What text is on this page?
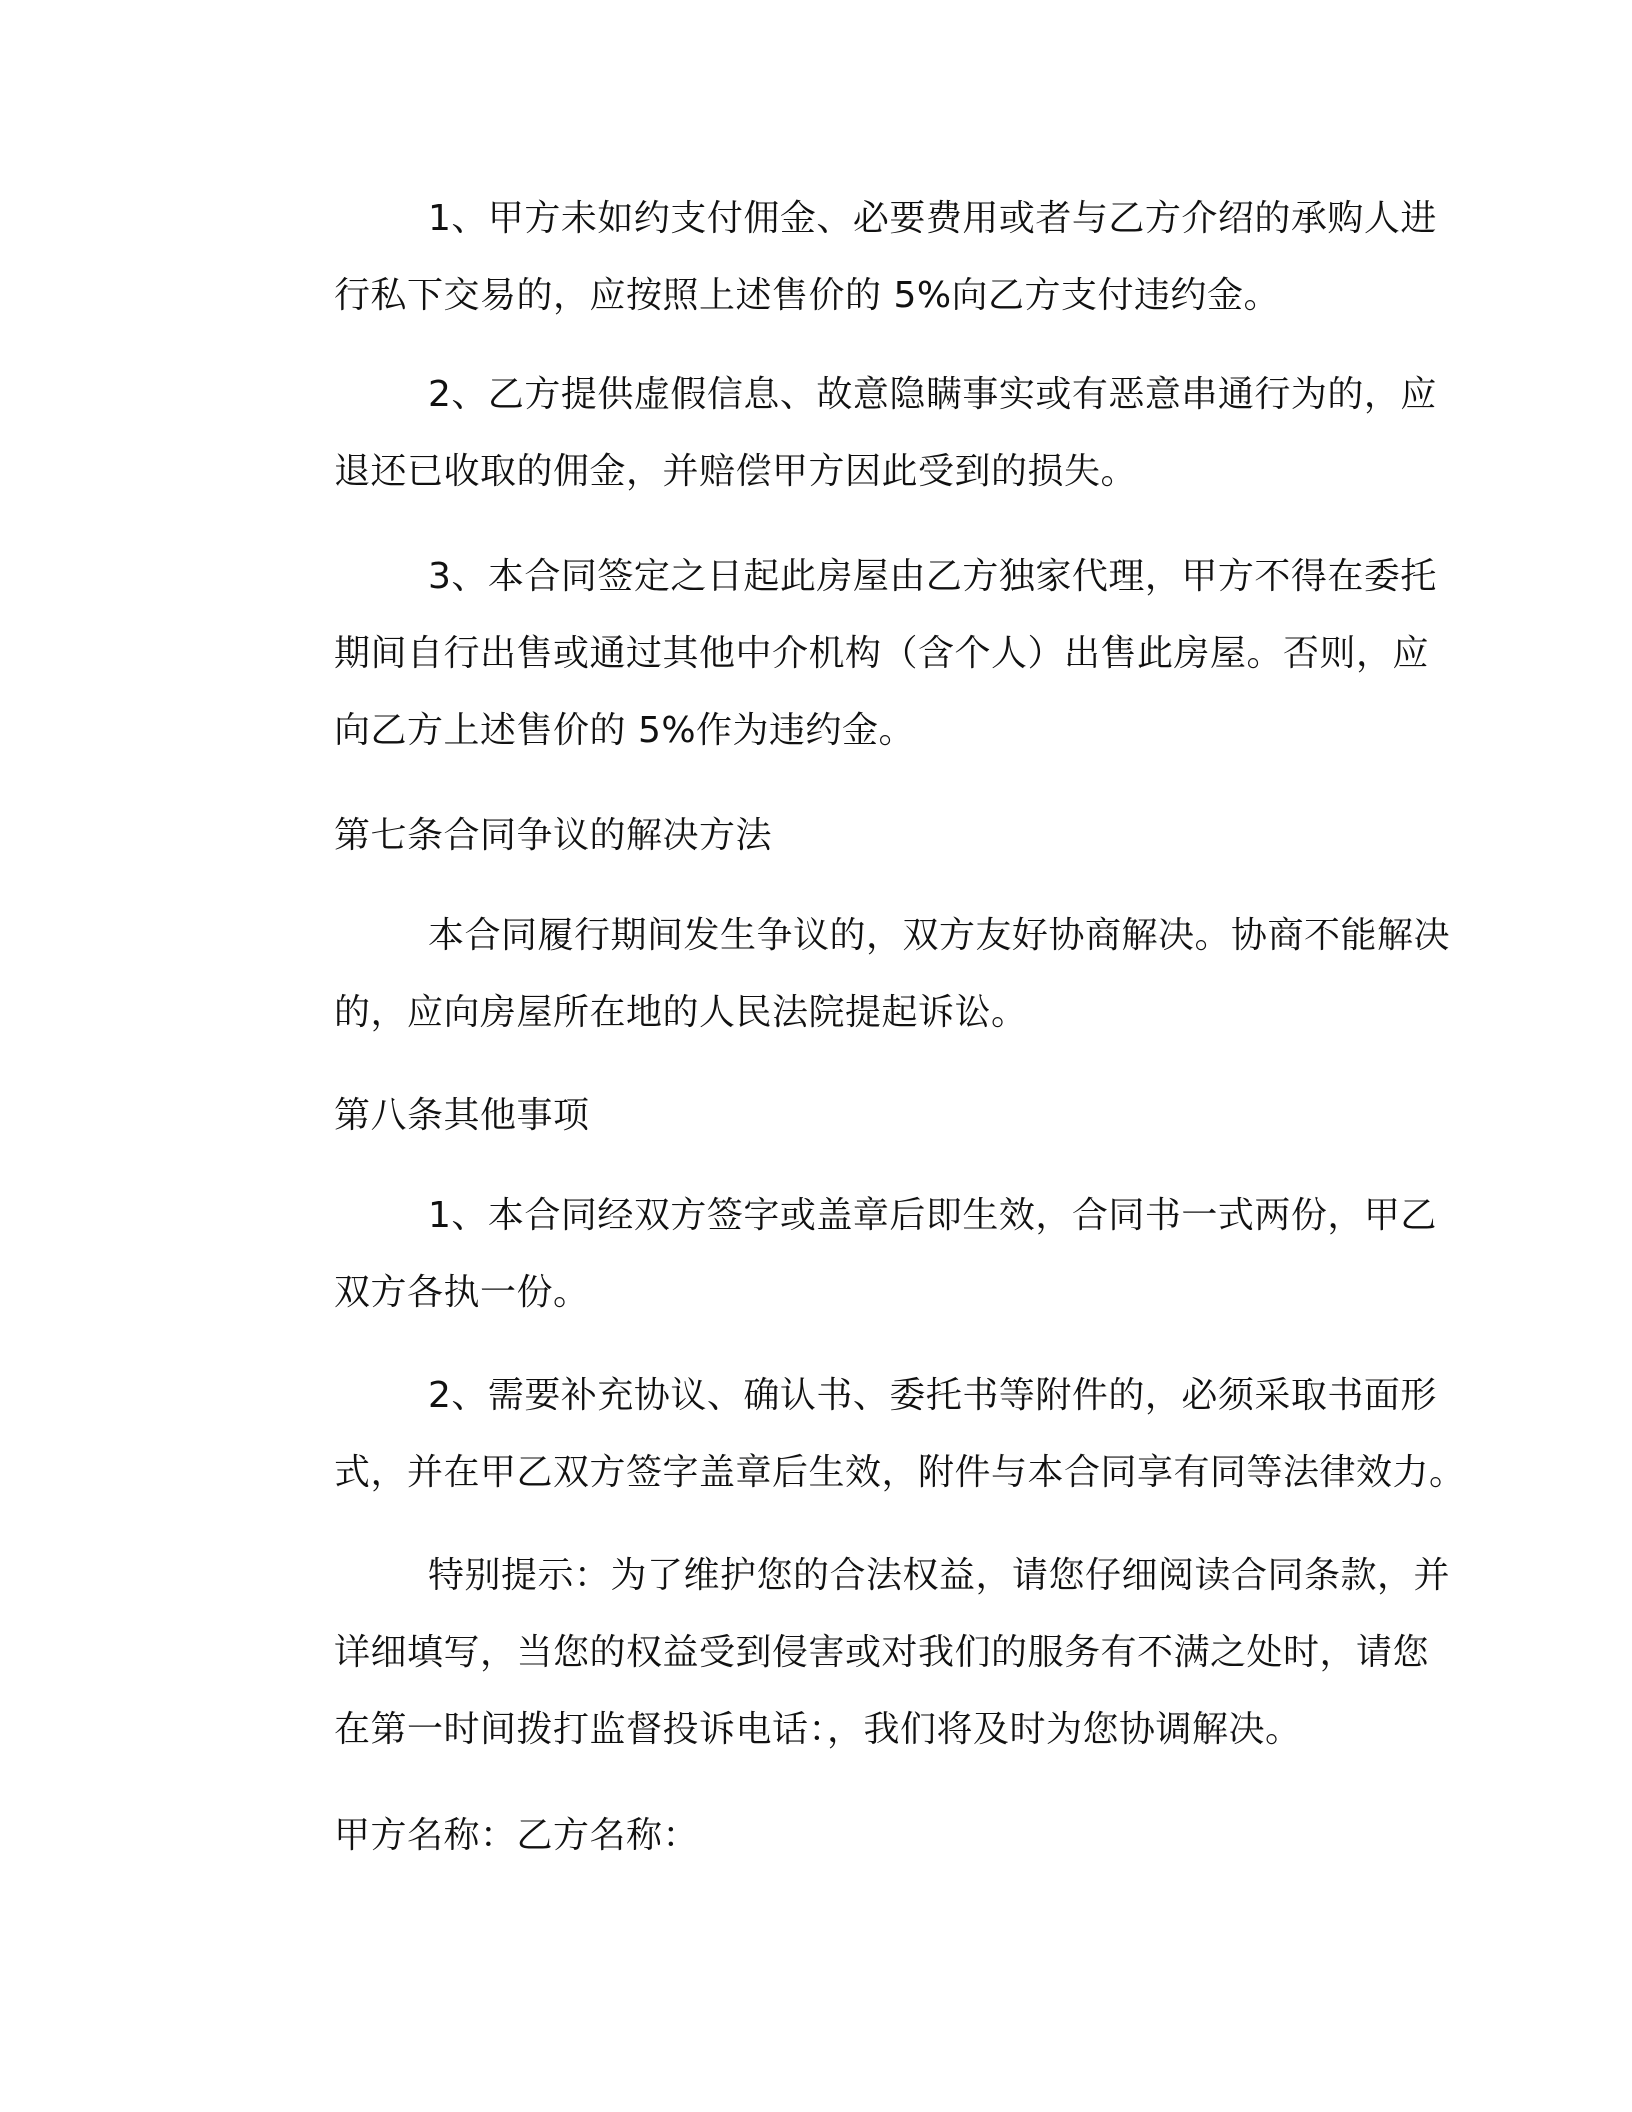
1、甲方未如约支付佣金、必要费用或者与乙方介绍的承购人进
行私下交易的，应按照上述售价的 5%向乙方支付违约金。
2、乙方提供虚假信息、故意隐瞒事实或有恶意串通行为的，应
退还已收取的佣金，并赔偿甲方因此受到的损失。
3、本合同签定之日起此房屋由乙方独家代理，甲方不得在委托
期间自行出售或通过其他中介机构（含个人）出售此房屋。否则，应
向乙方上述售价的 5%作为违约金。
第七条合同争议的解决方法
本合同履行期间发生争议的，双方友好协商解决。协商不能解决
的，应向房屋所在地的人民法院提起诉讼。
第八条其他事项
1、本合同经双方签字或盖章后即生效，合同书一式两份，甲乙
双方各执一份。
2、需要补充协议、确认书、委托书等附件的，必须采取书面形
式，并在甲乙双方签字盖章后生效，附件与本合同享有同等法律效力。
特别提示：为了维护您的合法权益，请您仔细阅读合同条款，并
详细填写，当您的权益受到侵害或对我们的服务有不满之处时，请您
在第一时间拨打监督投诉电话：，我们将及时为您协调解决。
甲方名称：乙方名称：
